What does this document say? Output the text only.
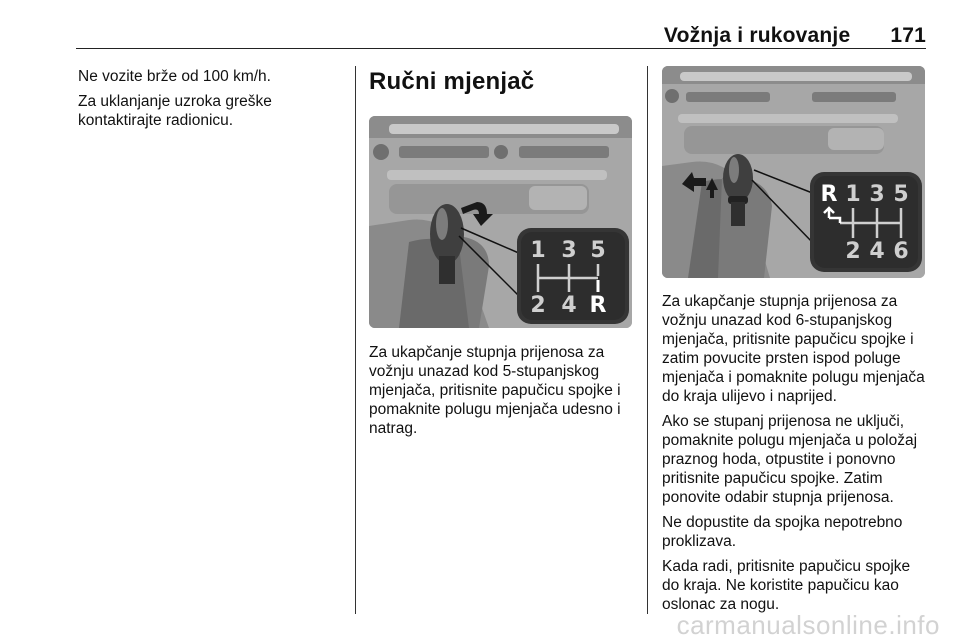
Vožnja i rukovanje 171

Ne vozite brže od 100 km/h.

Za uklanjanje uzroka greške kontaktirajte radionicu.

Ručni mjenjač
1 3 5
2 4 R

Za ukapčanje stupnja prijenosa za vožnju unazad kod 5-stupanjskog mjenjača, pritisnite papučicu spojke i pomaknite polugu mjenjača udesno i natrag.

R 1 3 5
2 4 6

Za ukapčanje stupnja prijenosa za vožnju unazad kod 6-stupanjskog mjenjača, pritisnite papučicu spojke i zatim povucite prsten ispod poluge mjenjača i pomaknite polugu mjenjača do kraja ulijevo i naprijed.

Ako se stupanj prijenosa ne uključi, pomaknite polugu mjenjača u položaj praznog hoda, otpustite i ponovno pritisnite papučicu spojke. Zatim ponovite odabir stupnja prijenosa.

Ne dopustite da spojka nepotrebno proklizava.

Kada radi, pritisnite papučicu spojke do kraja. Ne koristite papučicu kao oslonac za nogu.

carmanualsonline.info
